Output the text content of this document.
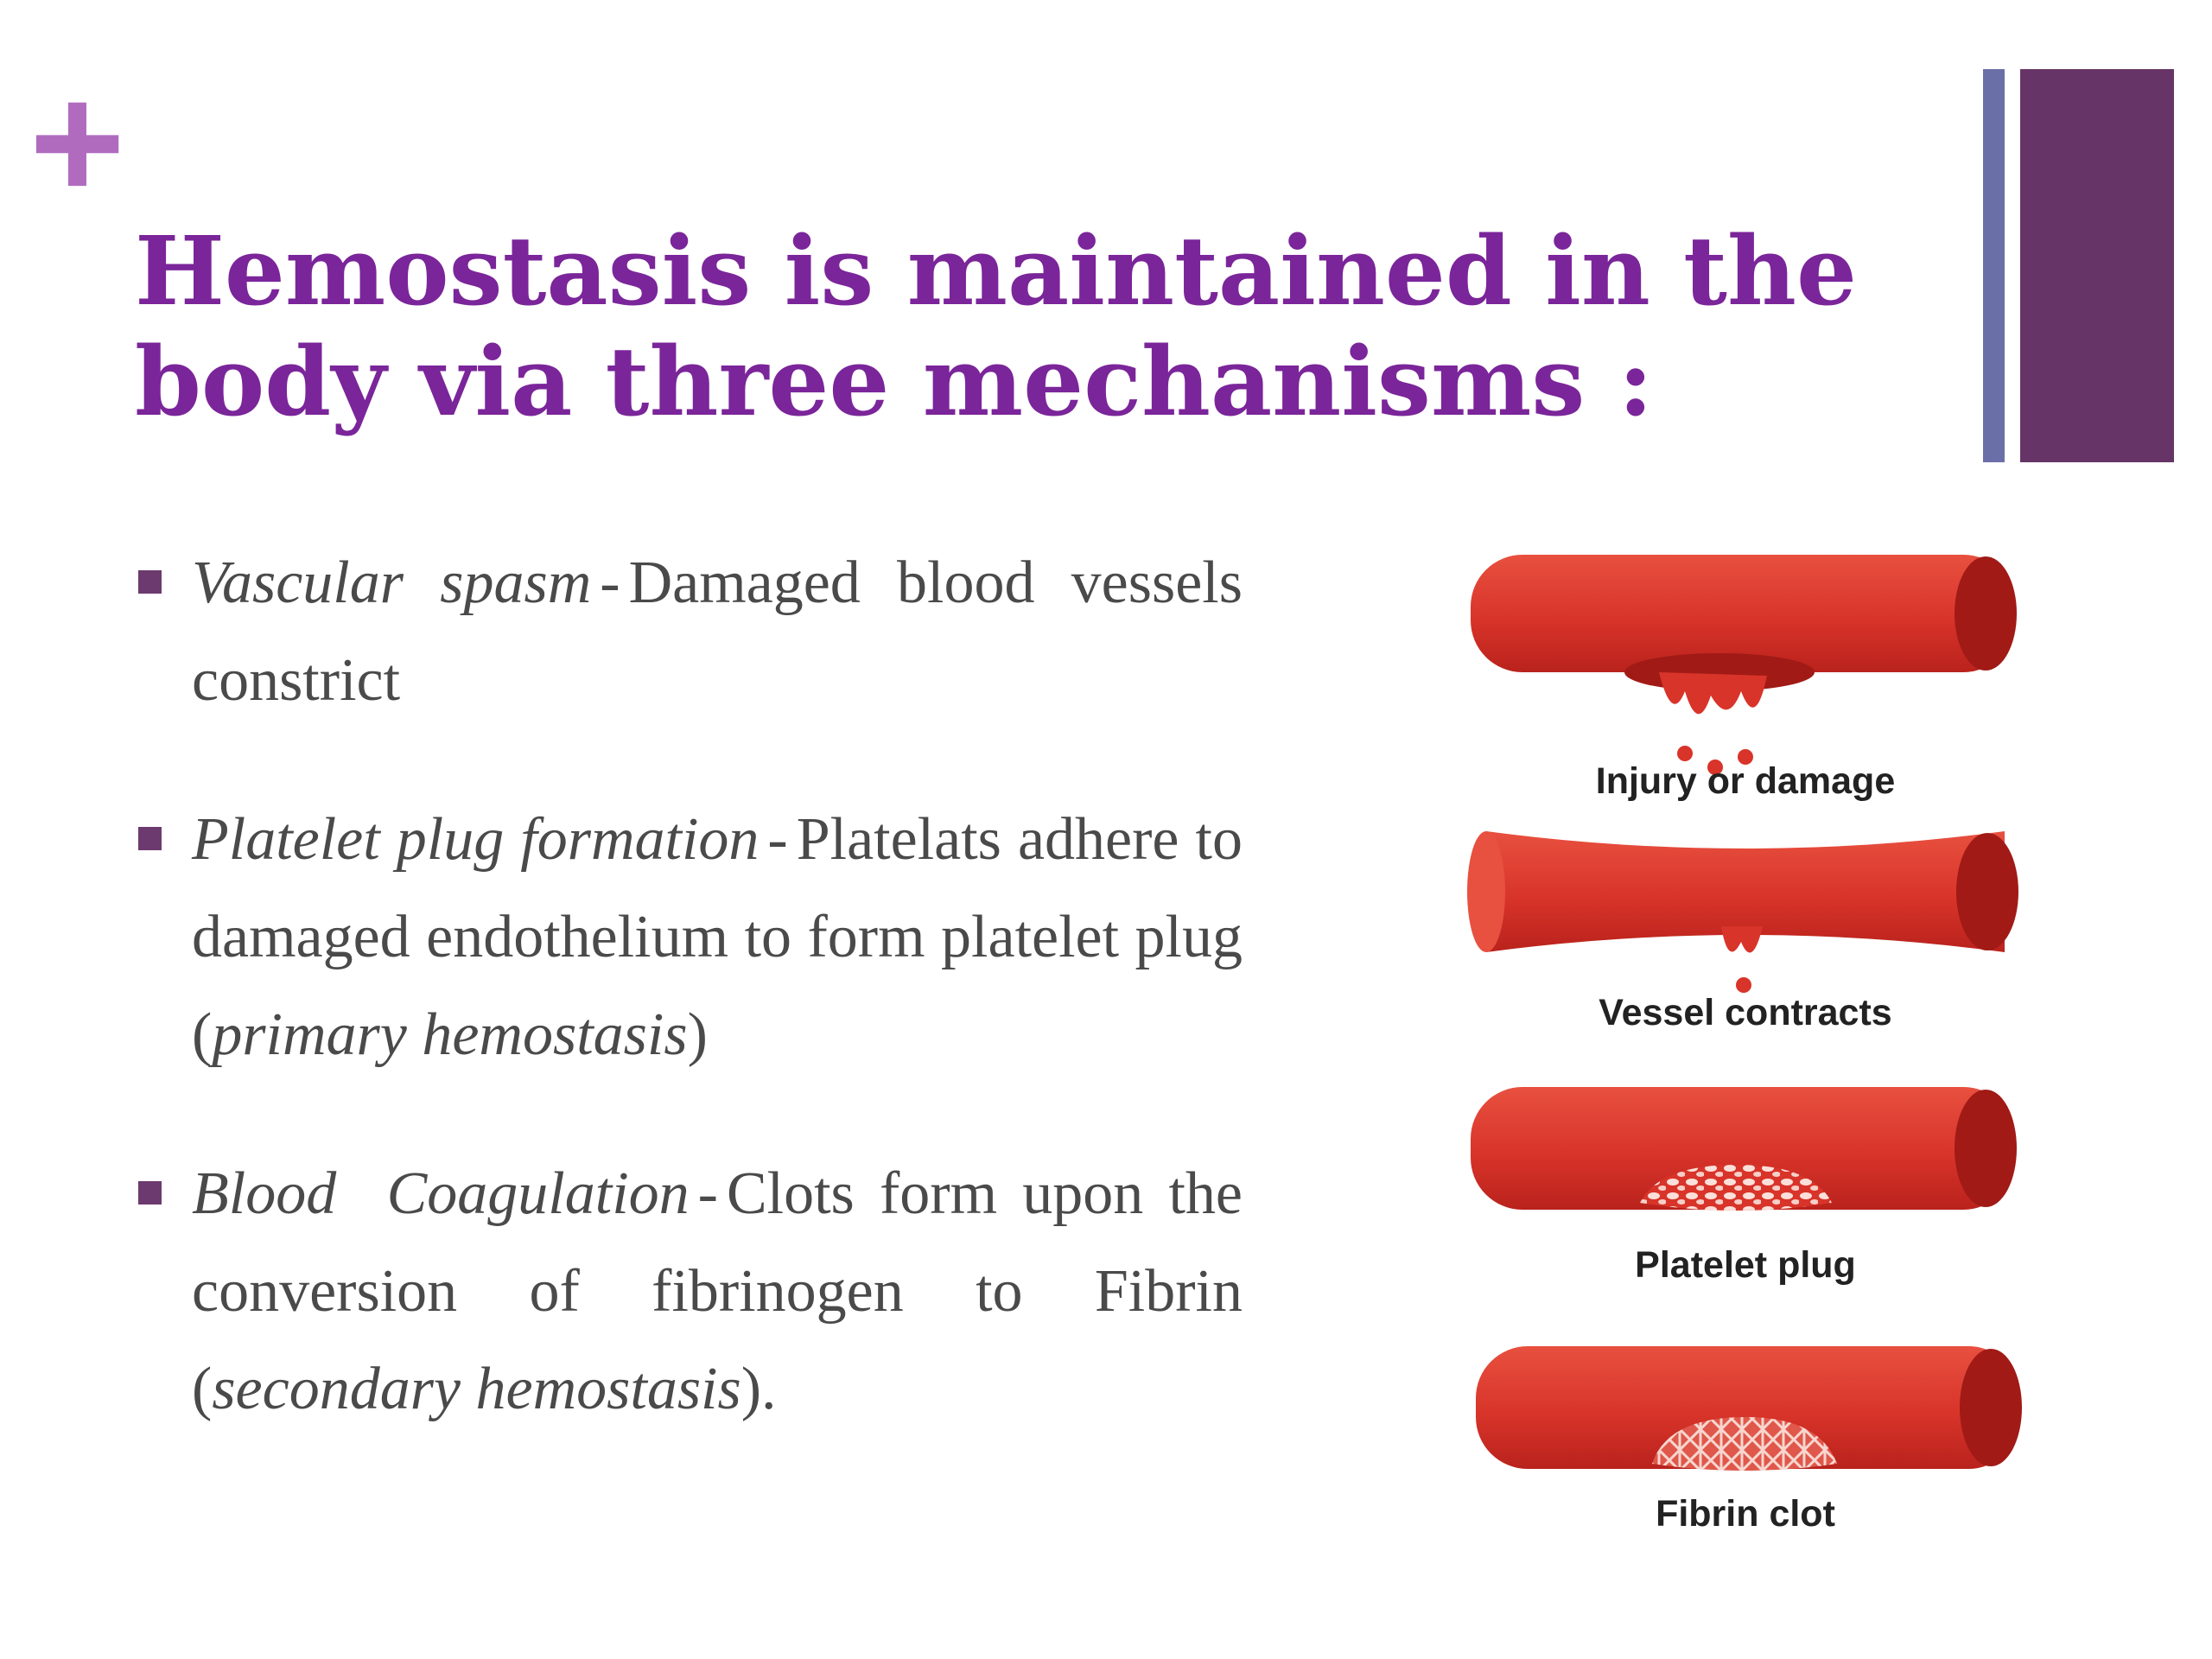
+
Hemostasis is maintained in the
body via three mechanisms :
Vascular spasm - Damaged blood vessels constrict
Platelet plug formation - Platelats adhere to damaged endothelium to form platelet plug (primary hemostasis)
Blood  Coagulation - Clots form upon the conversion of fibrinogen to Fibrin (secondary hemostasis).
Injury or damage
Vessel contracts
Platelet plug
Fibrin clot
